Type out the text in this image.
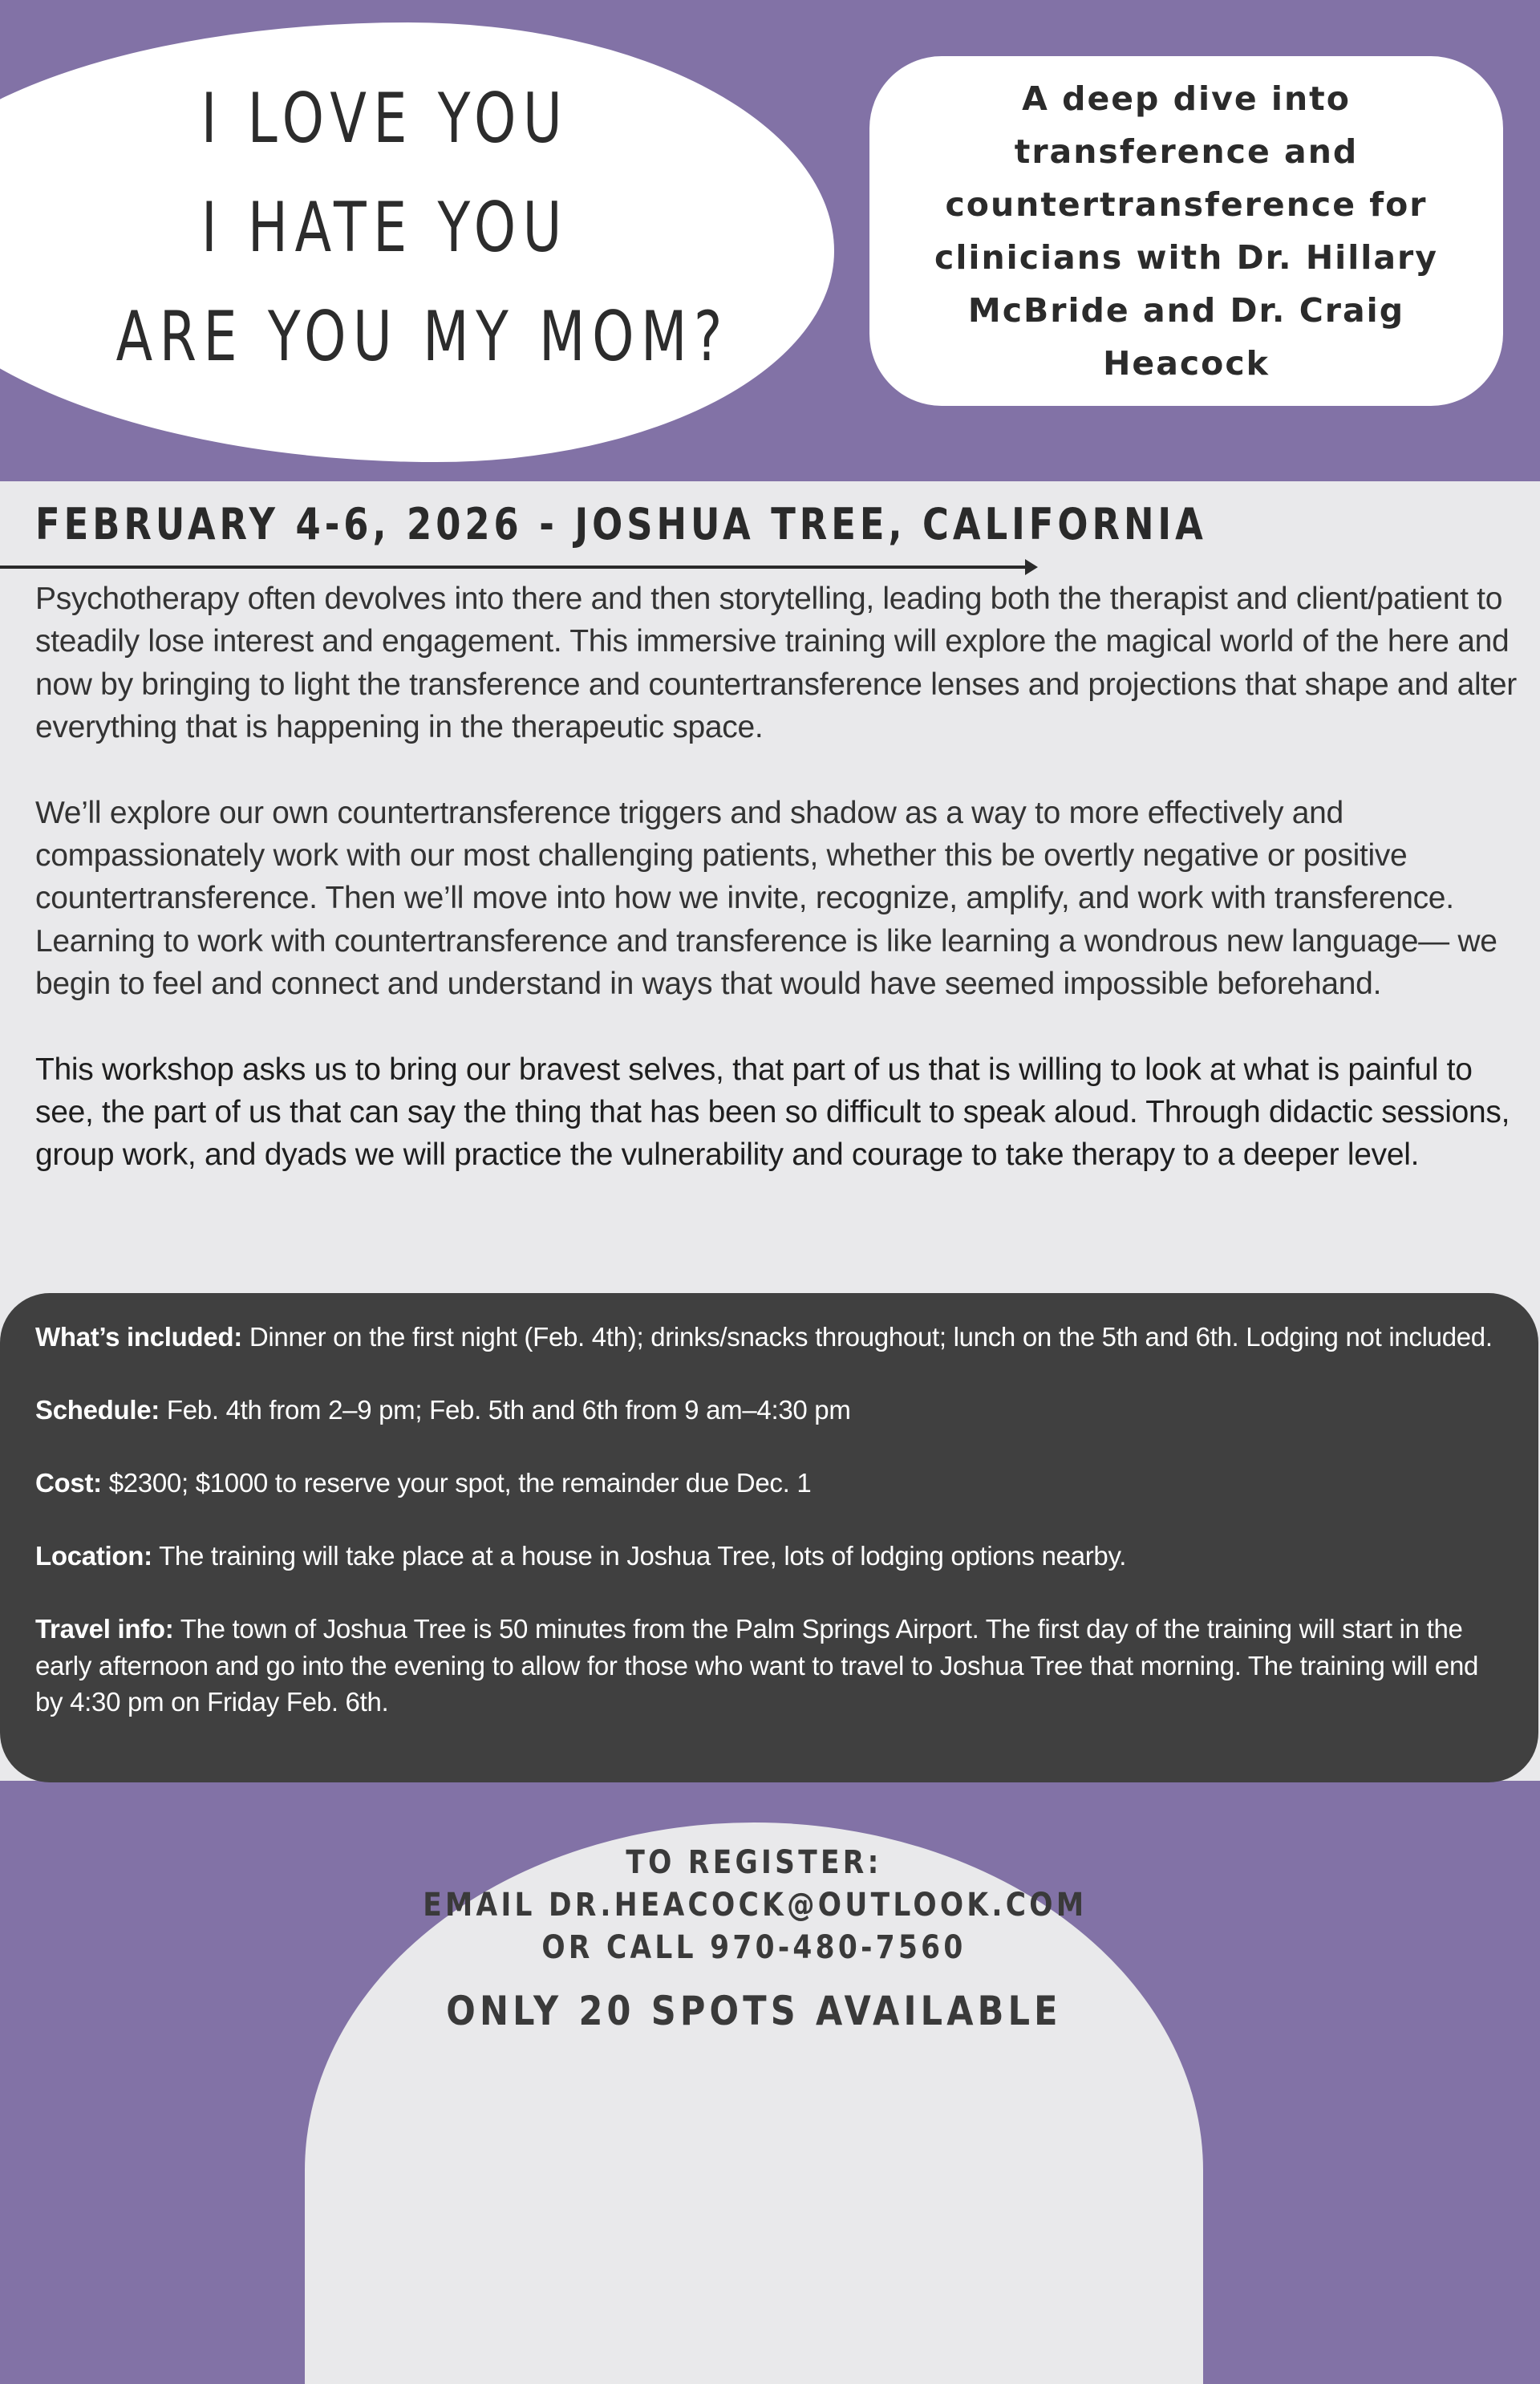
I LOVE YOU
I HATE YOU
ARE YOU MY MOM?
A deep dive into transference and countertransference for clinicians with Dr. Hillary McBride and Dr. Craig Heacock
FEBRUARY 4-6, 2026 - JOSHUA TREE, CALIFORNIA

Psychotherapy often devolves into there and then storytelling, leading both the therapist and client/patient to steadily lose interest and engagement. This immersive training will explore the magical world of the here and now by bringing to light the transference and countertransference lenses and projections that shape and alter everything that is happening in the therapeutic space.

We’ll explore our own countertransference triggers and shadow as a way to more effectively and compassionately work with our most challenging patients, whether this be overtly negative or positive countertransference. Then we’ll move into how we invite, recognize, amplify, and work with transference. Learning to work with countertransference and transference is like learning a wondrous new language— we begin to feel and connect and understand in ways that would have seemed impossible beforehand.

This workshop asks us to bring our bravest selves, that part of us that is willing to look at what is painful to see, the part of us that can say the thing that has been so difficult to speak aloud. Through didactic sessions, group work, and dyads we will practice the vulnerability and courage to take therapy to a deeper level.

What’s included: Dinner on the first night (Feb. 4th); drinks/snacks throughout; lunch on the 5th and 6th. Lodging not included.

Schedule: Feb. 4th from 2–9 pm; Feb. 5th and 6th from 9 am–4:30 pm

Cost: $2300; $1000 to reserve your spot, the remainder due Dec. 1

Location: The training will take place at a house in Joshua Tree, lots of lodging options nearby.

Travel info: The town of Joshua Tree is 50 minutes from the Palm Springs Airport. The first day of the training will start in the early afternoon and go into the evening to allow for those who want to travel to Joshua Tree that morning. The training will end by 4:30 pm on Friday Feb. 6th.

TO REGISTER:
EMAIL DR.HEACOCK@OUTLOOK.COM
OR CALL 970-480-7560
ONLY 20 SPOTS AVAILABLE
